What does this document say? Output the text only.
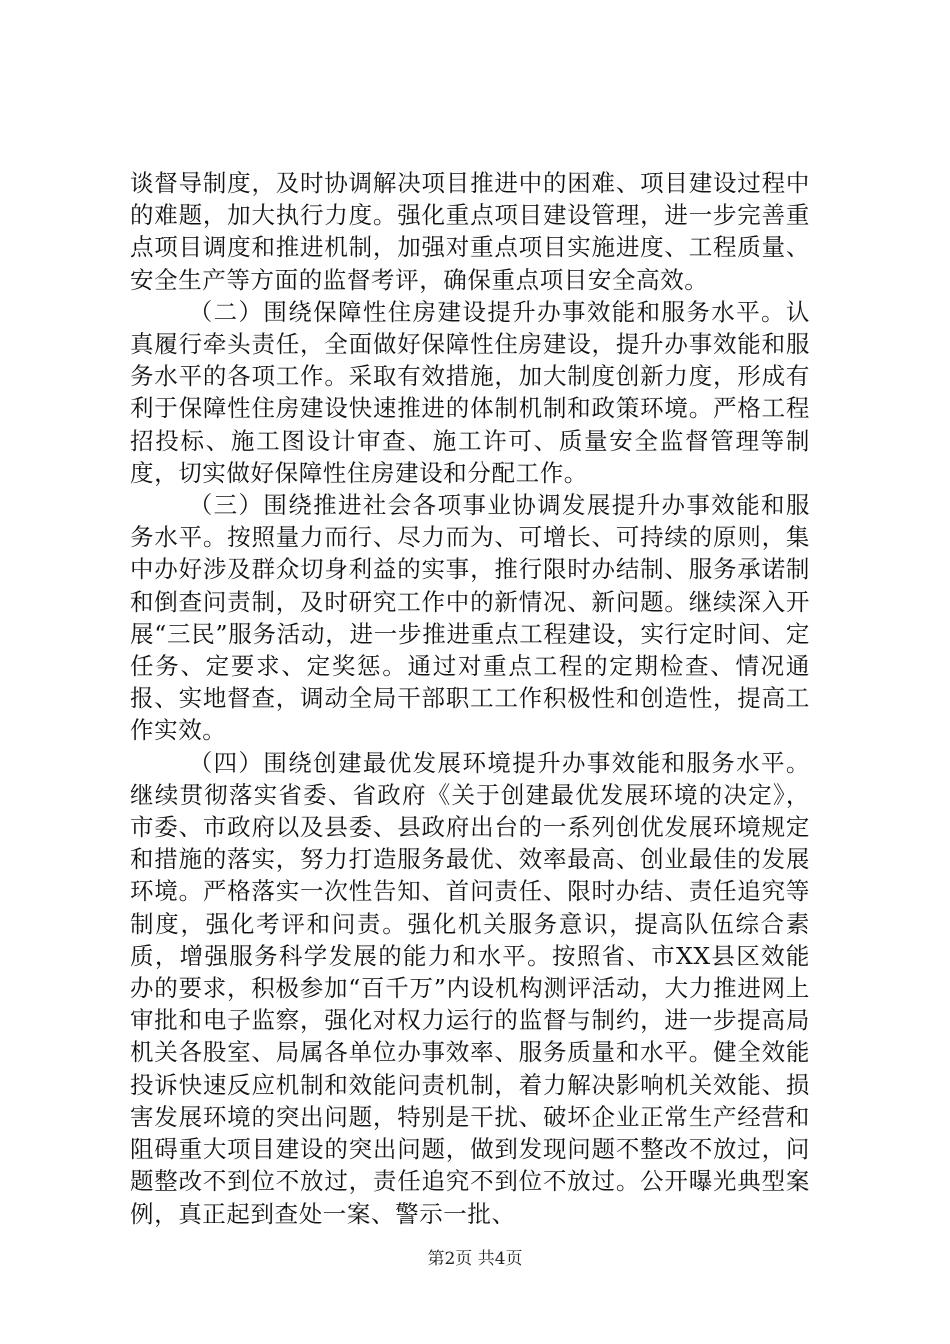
谈督导制度，及时协调解决项目推进中的困难、项目建设过程中的难题，加大执行力度。强化重点项目建设管理，进一步完善重点项目调度和推进机制，加强对重点项目实施进度、工程质量、安全生产等方面的监督考评，确保重点项目安全高效。

（二）围绕保障性住房建设提升办事效能和服务水平。认真履行牵头责任，全面做好保障性住房建设，提升办事效能和服务水平的各项工作。采取有效措施，加大制度创新力度，形成有利于保障性住房建设快速推进的体制机制和政策环境。严格工程招投标、施工图设计审查、施工许可、质量安全监督管理等制度，切实做好保障性住房建设和分配工作。

（三）围绕推进社会各项事业协调发展提升办事效能和服务水平。按照量力而行、尽力而为、可增长、可持续的原则，集中办好涉及群众切身利益的实事，推行限时办结制、服务承诺制和倒查问责制，及时研究工作中的新情况、新问题。继续深入开展“三民”服务活动，进一步推进重点工程建设，实行定时间、定任务、定要求、定奖惩。通过对重点工程的定期检查、情况通报、实地督查，调动全局干部职工工作积极性和创造性，提高工作实效。

（四）围绕创建最优发展环境提升办事效能和服务水平。继续贯彻落实省委、省政府《关于创建最优发展环境的决定》，市委、市政府以及县委、县政府出台的一系列创优发展环境规定和措施的落实，努力打造服务最优、效率最高、创业最佳的发展环境。严格落实一次性告知、首问责任、限时办结、责任追究等制度，强化考评和问责。强化机关服务意识，提高队伍综合素质，增强服务科学发展的能力和水平。按照省、市XX县区效能办的要求，积极参加“百千万”内设机构测评活动，大力推进网上审批和电子监察，强化对权力运行的监督与制约，进一步提高局机关各股室、局属各单位办事效率、服务质量和水平。健全效能投诉快速反应机制和效能问责机制，着力解决影响机关效能、损害发展环境的突出问题，特别是干扰、破坏企业正常生产经营和阻碍重大项目建设的突出问题，做到发现问题不整改不放过，问题整改不到位不放过，责任追究不到位不放过。公开曝光典型案例，真正起到查处一案、警示一批、

第2页 共4页
